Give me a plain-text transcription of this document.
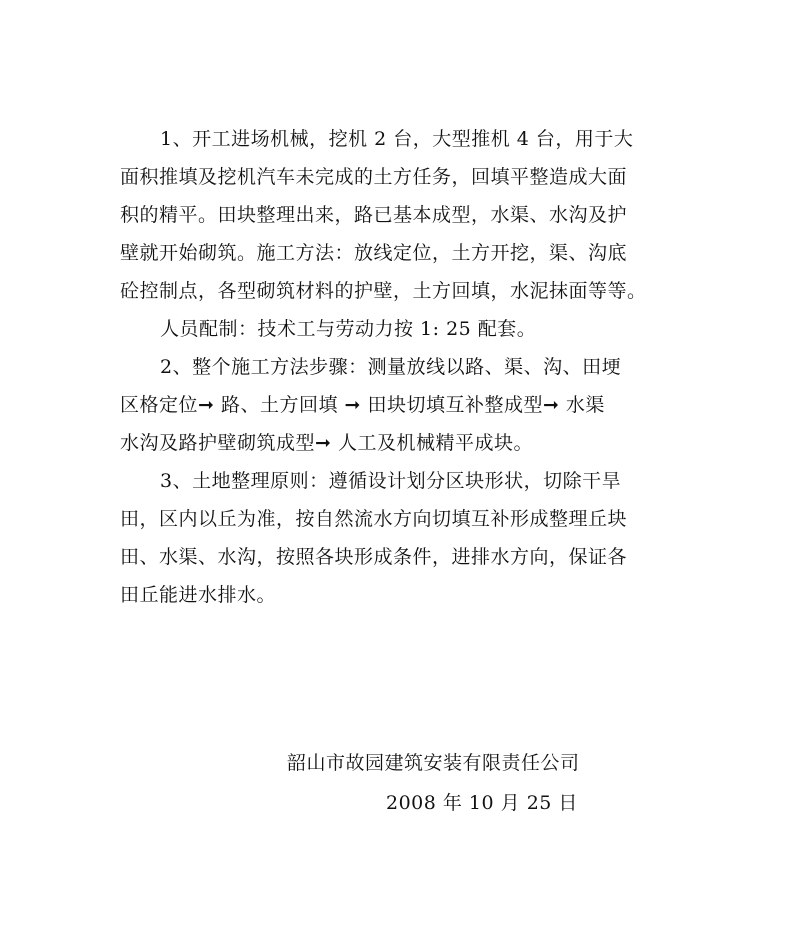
1、开工进场机械，挖机 2 台，大型推机 4 台，用于大
面积推填及挖机汽车未完成的土方任务，回填平整造成大面
积的精平。田块整理出来，路已基本成型，水渠、水沟及护
壁就开始砌筑。施工方法：放线定位，土方开挖，渠、沟底
砼控制点，各型砌筑材料的护壁，土方回填，水泥抹面等等。
人员配制：技术工与劳动力按 1: 25 配套。
2、整个施工方法步骤：测量放线以路、渠、沟、田埂
区格定位➞ 路、土方回填 ➞ 田块切填互补整成型➞ 水渠
水沟及路护壁砌筑成型➞ 人工及机械精平成块。
3、土地整理原则：遵循设计划分区块形状，切除干旱
田，区内以丘为准，按自然流水方向切填互补形成整理丘块
田、水渠、水沟，按照各块形成条件，进排水方向，保证各
田丘能进水排水。
韶山市故园建筑安装有限责任公司
2008 年 10 月 25 日
